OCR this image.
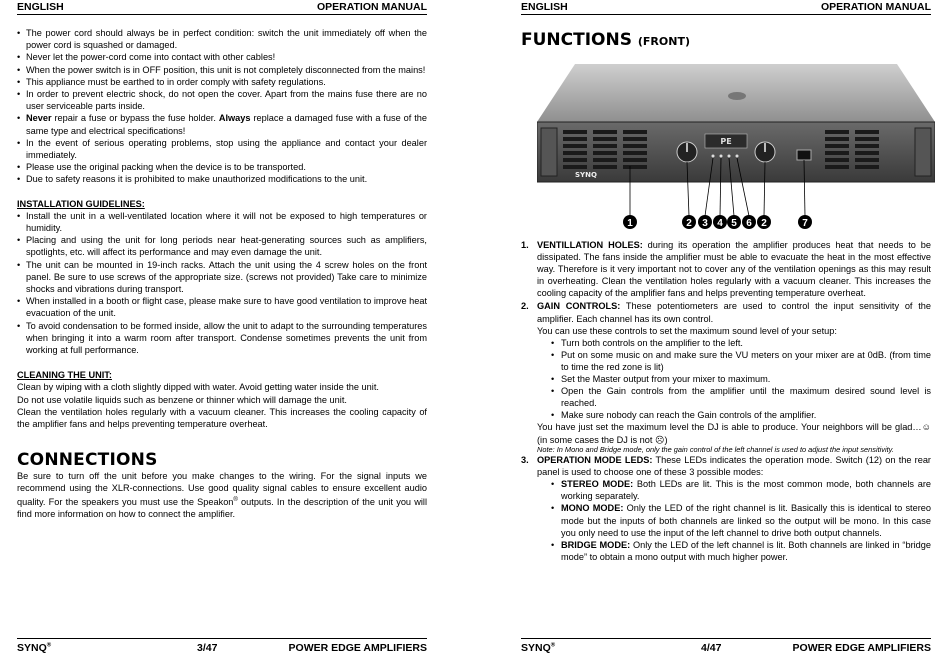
ENGLISH	OPERATION MANUAL
• The power cord should always be in perfect condition: switch the unit immediately off when the power cord is squashed or damaged.
• Never let the power-cord come into contact with other cables!
• When the power switch is in OFF position, this unit is not completely disconnected from the mains!
• This appliance must be earthed to in order comply with safety regulations.
• In order to prevent electric shock, do not open the cover. Apart from the mains fuse there are no user serviceable parts inside.
• Never repair a fuse or bypass the fuse holder. Always replace a damaged fuse with a fuse of the same type and electrical specifications!
• In the event of serious operating problems, stop using the appliance and contact your dealer immediately.
• Please use the original packing when the device is to be transported.
• Due to safety reasons it is prohibited to make unauthorized modifications to the unit.
INSTALLATION GUIDELINES:
• Install the unit in a well-ventilated location where it will not be exposed to high temperatures or humidity.
• Placing and using the unit for long periods near heat-generating sources such as amplifiers, spotlights, etc. will affect its performance and may even damage the unit.
• The unit can be mounted in 19-inch racks. Attach the unit using the 4 screw holes on the front panel. Be sure to use screws of the appropriate size. (screws not provided) Take care to minimize shocks and vibrations during transport.
• When installed in a booth or flight case, please make sure to have good ventilation to improve heat evacuation of the unit.
• To avoid condensation to be formed inside, allow the unit to adapt to the surrounding temperatures when bringing it into a warm room after transport. Condense sometimes prevents the unit from working at full performance.
CLEANING THE UNIT:

Clean by wiping with a cloth slightly dipped with water. Avoid getting water inside the unit.

Do not use volatile liquids such as benzene or thinner which will damage the unit.

Clean the ventilation holes regularly with a vacuum cleaner. This increases the cooling capacity of the amplifier fans and helps preventing temperature overheat.

CONNECTIONS

Be sure to turn off the unit before you make changes to the wiring. For the signal inputs we recommend using the XLR-connections. Use good quality signal cables to ensure excellent audio quality. For the speakers you must use the Speakon® outputs. In the description of the unit you will find more information on how to connect the amplifier.

SYNQ®	3/47	POWER EDGE AMPLIFIERS
ENGLISH	OPERATION MANUAL
FUNCTIONS (FRONT)
PE
SYNQ
1	2 3 4 5 6 2	7
1. VENTILLATION HOLES: during its operation the amplifier produces heat that needs to be dissipated. The fans inside the amplifier must be able to evacuate the heat in the most effective way. Therefore is it very important not to cover any of the ventilation openings as this may result in overheating. Clean the ventilation holes regularly with a vacuum cleaner. This increases the cooling capacity of the amplifier fans and helps preventing temperature overheat.
2. GAIN CONTROLS: These potentiometers are used to control the input sensitivity of the amplifier. Each channel has its own control.

You can use these controls to set the maximum sound level of your setup:

• Turn both controls on the amplifier to the left.
• Put on some music on and make sure the VU meters on your mixer are at 0dB. (from time to time the red zone is lit)
• Set the Master output from your mixer to maximum.
• Open the Gain controls from the amplifier until the maximum desired sound level is reached.
• Make sure nobody can reach the Gain controls of the amplifier.

You have just set the maximum level the DJ is able to produce. Your neighbors will be glad…☺ (in some cases the DJ is not ☹)

Note: In Mono and Bridge mode, only the gain control of the left channel is used to adjust the input sensitivity.

3. OPERATION MODE LEDS: These LEDs indicates the operation mode. Switch (12) on the rear panel is used to choose one of these 3 possible modes:
• STEREO MODE: Both LEDs are lit. This is the most common mode, both channels are working separately.
• MONO MODE: Only the LED of the right channel is lit. Basically this is identical to stereo mode but the inputs of both channels are linked so the output will be mono. In this case you only need to use the input of the left channel to drive both output channels.
• BRIDGE MODE: Only the LED of the left channel is lit. Both channels are linked in “bridge mode” to obtain a mono output with much higher power.
SYNQ®	4/47	POWER EDGE AMPLIFIERS
